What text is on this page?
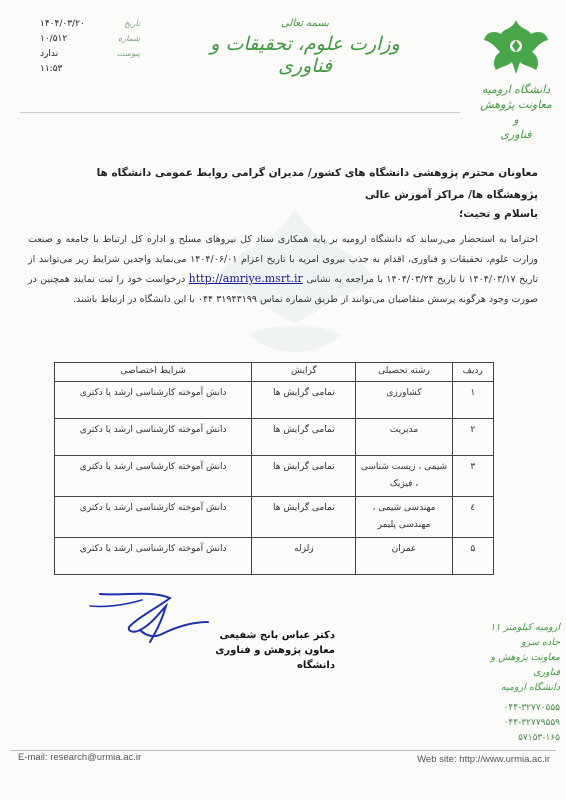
دانشگاه ارومیه
معاونت پژوهش و
فناوری
بسمه تعالی
وزارت علوم، تحقیقات و فناوری
تاریخ
۱۴۰۴/۰۳/۲۰
شماره
۱۰/۵۱۲
پیوست
ندارد
۱۱:۵۳
معاونان محترم پژوهشی دانشگاه های کشور/ مدیران گرامی روابط عمومی دانشگاه ها
پژوهشگاه ها/ مراکز آموزش عالی
باسلام و تحیت؛
احتراما به استحضار می‌رساند که دانشگاه ارومیه بر پایه همکاری ستاد کل نیروهای مسلح و اداره کل ارتباط با جامعه و صنعت وزارت علوم، تحقیقات و فناوری، اقدام به جذب نیروی امریه با تاریخ اعزام ۱۴۰۴/۰۶/۰۱ می‌نماید واجدین شرایط زیر می‌توانند از تاریخ ۱۴۰۴/۰۳/۱۷ تا تاریخ ۱۴۰۴/۰۳/۲۴ با مراجعه به نشانی http://amriye.msrt.ir درخواست خود را ثبت نمایند همچنین در صورت وجود هرگونه پرسش متقاضیان می‌توانند از طریق شماره تماس ۳۱۹۴۳۱۹۹ ۰۴۴ با این دانشگاه در ارتباط باشند.
ردیف	رشته تحصیلی	گرایش	شرایط اختصاصی
۱	کشاورزی	تمامی گرایش ها	دانش آموخته کارشناسی ارشد یا دکتری
۲	مدیریت	تمامی گرایش ها	دانش آموخته کارشناسی ارشد یا دکتری
۳	شیمی ، زیست شناسی ، فیزیک	تمامی گرایش ها	دانش آموخته کارشناسی ارشد یا دکتری
٤	مهندسی شیمی ، مهندسی پلیمر	تمامی گرایش ها	دانش آموخته کارشناسی ارشد یا دکتری
۵	عمران	زلزله	دانش آموخته کارشناسی ارشد یا دکتری
دکتر عباس بانج شفیعی
معاون پژوهش و فناوری دانشگاه
ارومیه کیلومتر ۱۱ جاده سرو
معاونت پژوهش و فناوری
دانشگاه ارومیه
۰۴۴-۳۲۷۷۰۵۵۵
۰۴۴-۳۲۷۷۹۵۵۹
۵۷۱۵۳-۱۶۵
E-mail: research@urmia.ac.ir	Web site: http://www.urmia.ac.ir
